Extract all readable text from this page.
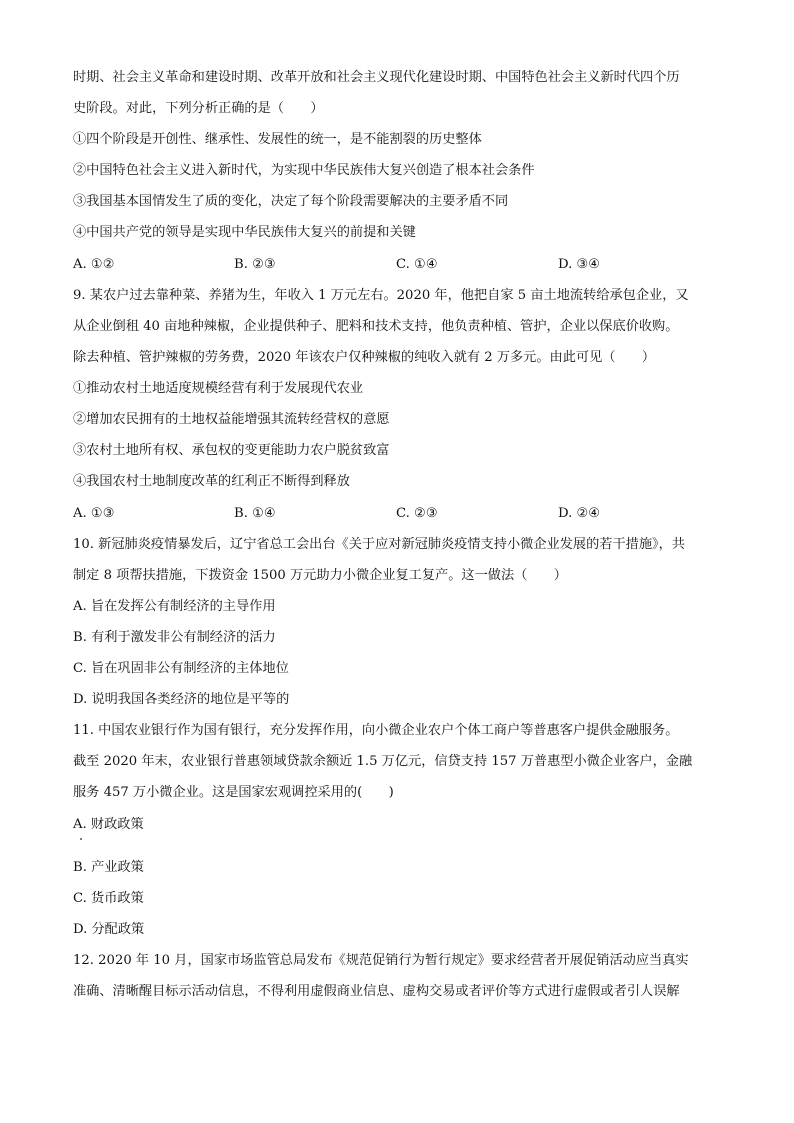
时期、社会主义革命和建设时期、改革开放和社会主义现代化建设时期、中国特色社会主义新时代四个历
史阶段。对此，下列分析正确的是（　　）
①四个阶段是开创性、继承性、发展性的统一，是不能割裂的历史整体
②中国特色社会主义进入新时代，为实现中华民族伟大复兴创造了根本社会条件
③我国基本国情发生了质的变化，决定了每个阶段需要解决的主要矛盾不同
④中国共产党的领导是实现中华民族伟大复兴的前提和关键
A. ①②	B. ②③	C. ①④	D. ③④
9. 某农户过去靠种菜、养猪为生，年收入 1 万元左右。2020 年，他把自家 5 亩土地流转给承包企业，又
从企业倒租 40 亩地种辣椒，企业提供种子、肥料和技术支持，他负责种植、管护，企业以保底价收购。
除去种植、管护辣椒的劳务费，2020 年该农户仅种辣椒的纯收入就有 2 万多元。由此可见（　　）
①推动农村土地适度规模经营有利于发展现代农业
②增加农民拥有的土地权益能增强其流转经营权的意愿
③农村土地所有权、承包权的变更能助力农户脱贫致富
④我国农村土地制度改革的红利正不断得到释放
A. ①③	B. ①④	C. ②③	D. ②④
10. 新冠肺炎疫情暴发后，辽宁省总工会出台《关于应对新冠肺炎疫情支持小微企业发展的若干措施》，共
制定 8 项帮扶措施，下拨资金 1500 万元助力小微企业复工复产。这一做法（　　）
A. 旨在发挥公有制经济的主导作用
B. 有利于激发非公有制经济的活力
C. 旨在巩固非公有制经济的主体地位
D. 说明我国各类经济的地位是平等的
11. 中国农业银行作为国有银行，充分发挥作用，向小微企业农户个体工商户等普惠客户提供金融服务。
截至 2020 年末，农业银行普惠领域贷款余额近 1.5 万亿元，信贷支持 157 万普惠型小微企业客户，金融
服务 457 万小微企业。这是国家宏观调控采用的(　　)
A. 财政政策
B. 产业政策
C. 货币政策
D. 分配政策
12. 2020 年 10 月，国家市场监管总局发布《规范促销行为暂行规定》要求经营者开展促销活动应当真实
准确、清晰醒目标示活动信息，不得利用虚假商业信息、虚构交易或者评价等方式进行虚假或者引人误解
